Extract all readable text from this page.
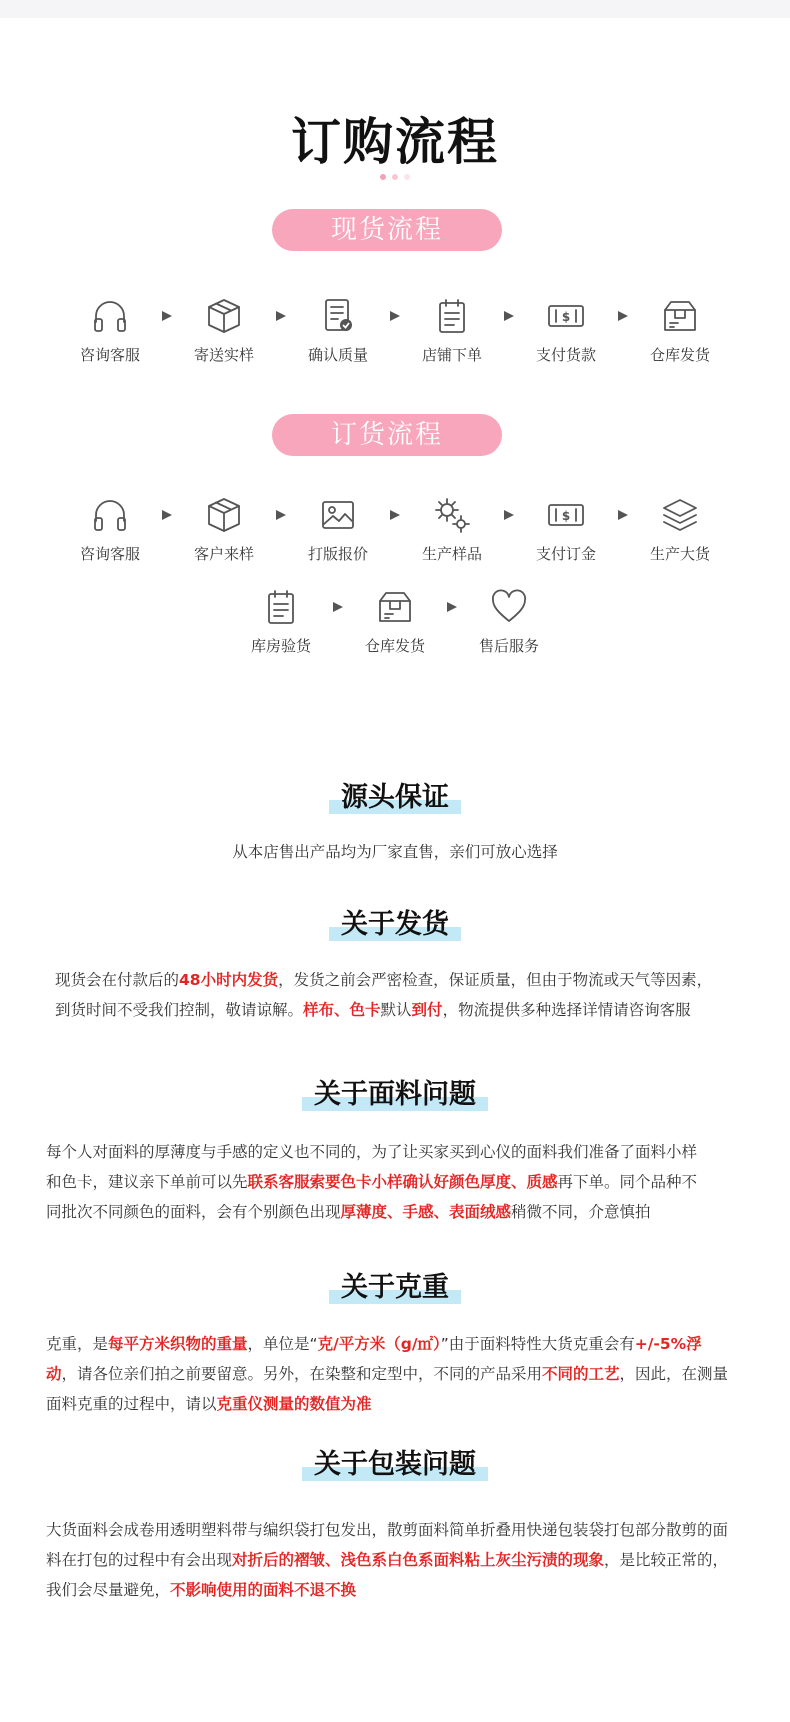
订购流程
现货流程
咨询客服	寄送实样	确认质量	店铺下单
$
支付货款	仓库发货
订货流程
咨询客服	客户来样	打版报价	生产样品
$
支付订金	生产大货
库房验货	仓库发货	售后服务
源头保证
从本店售出产品均为厂家直售，亲们可放心选择
关于发货
现货会在付款后的48小时内发货，发货之前会严密检查，保证质量，但由于物流或天气等因素，
到货时间不受我们控制，敬请谅解。样布、色卡默认到付，物流提供多种选择详情请咨询客服
关于面料问题
每个人对面料的厚薄度与手感的定义也不同的，为了让买家买到心仪的面料我们准备了面料小样
和色卡，建议亲下单前可以先联系客服索要色卡小样确认好颜色厚度、质感再下单。同个品种不
同批次不同颜色的面料，会有个别颜色出现厚薄度、手感、表面绒感稍微不同，介意慎拍
关于克重
克重，是每平方米织物的重量，单位是“克/平方米（g/㎡）”由于面料特性大货克重会有+/-5%浮
动，请各位亲们拍之前要留意。另外，在染整和定型中，不同的产品采用不同的工艺，因此，在测量
面料克重的过程中，请以克重仪测量的数值为准
关于包装问题
大货面料会成卷用透明塑料带与编织袋打包发出，散剪面料简单折叠用快递包装袋打包部分散剪的面
料在打包的过程中有会出现对折后的褶皱、浅色系白色系面料粘上灰尘污渍的现象，是比较正常的，
我们会尽量避免，不影响使用的面料不退不换
